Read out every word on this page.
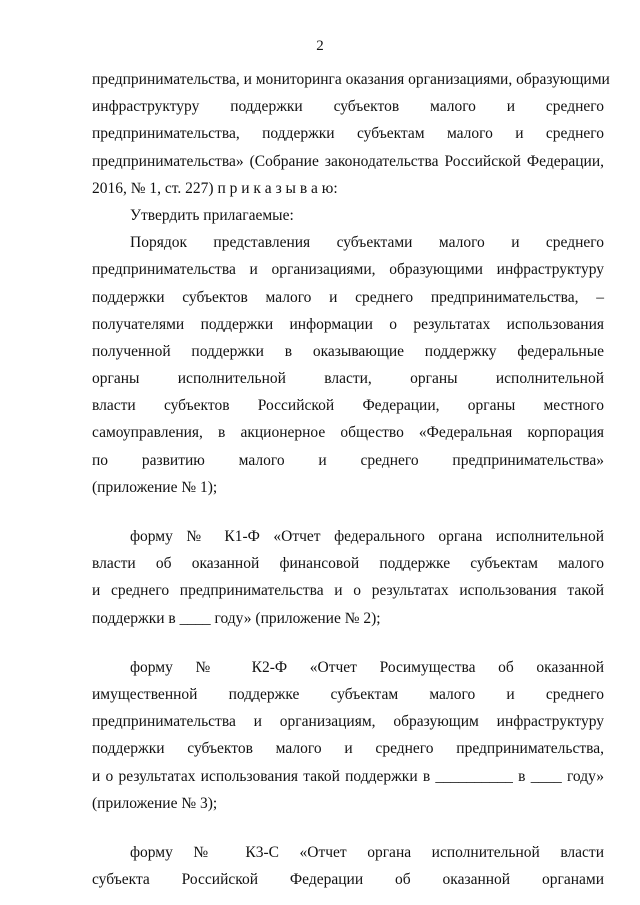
2
предпринимательства, и мониторинга оказания организациями, образующими
инфраструктуру поддержки субъектов малого и среднего
предпринимательства, поддержки субъектам малого и среднего
предпринимательства» (Собрание законодательства Российской Федерации,
2016, № 1, ст. 227) п р и к а з ы в а ю:
Утвердить прилагаемые:
Порядок представления субъектами малого и среднего
предпринимательства и организациями, образующими инфраструктуру
поддержки субъектов малого и среднего предпринимательства, –
получателями поддержки информации о результатах использования
полученной поддержки в оказывающие поддержку федеральные
органы исполнительной власти, органы исполнительной
власти субъектов Российской Федерации, органы местного
самоуправления, в акционерное общество «Федеральная корпорация
по развитию малого и среднего предпринимательства»
(приложение № 1);
форму № К1-Ф «Отчет федерального органа исполнительной
власти об оказанной финансовой поддержке субъектам малого
и среднего предпринимательства и о результатах использования такой
поддержки в ____ году» (приложение № 2);
форму № К2-Ф «Отчет Росимущества об оказанной
имущественной поддержке субъектам малого и среднего
предпринимательства и организациям, образующим инфраструктуру
поддержки субъектов малого и среднего предпринимательства,
и о результатах использования такой поддержки в __________ в ____ году»
(приложение № 3);
форму № К3-С «Отчет органа исполнительной власти
субъекта Российской Федерации об оказанной органами
